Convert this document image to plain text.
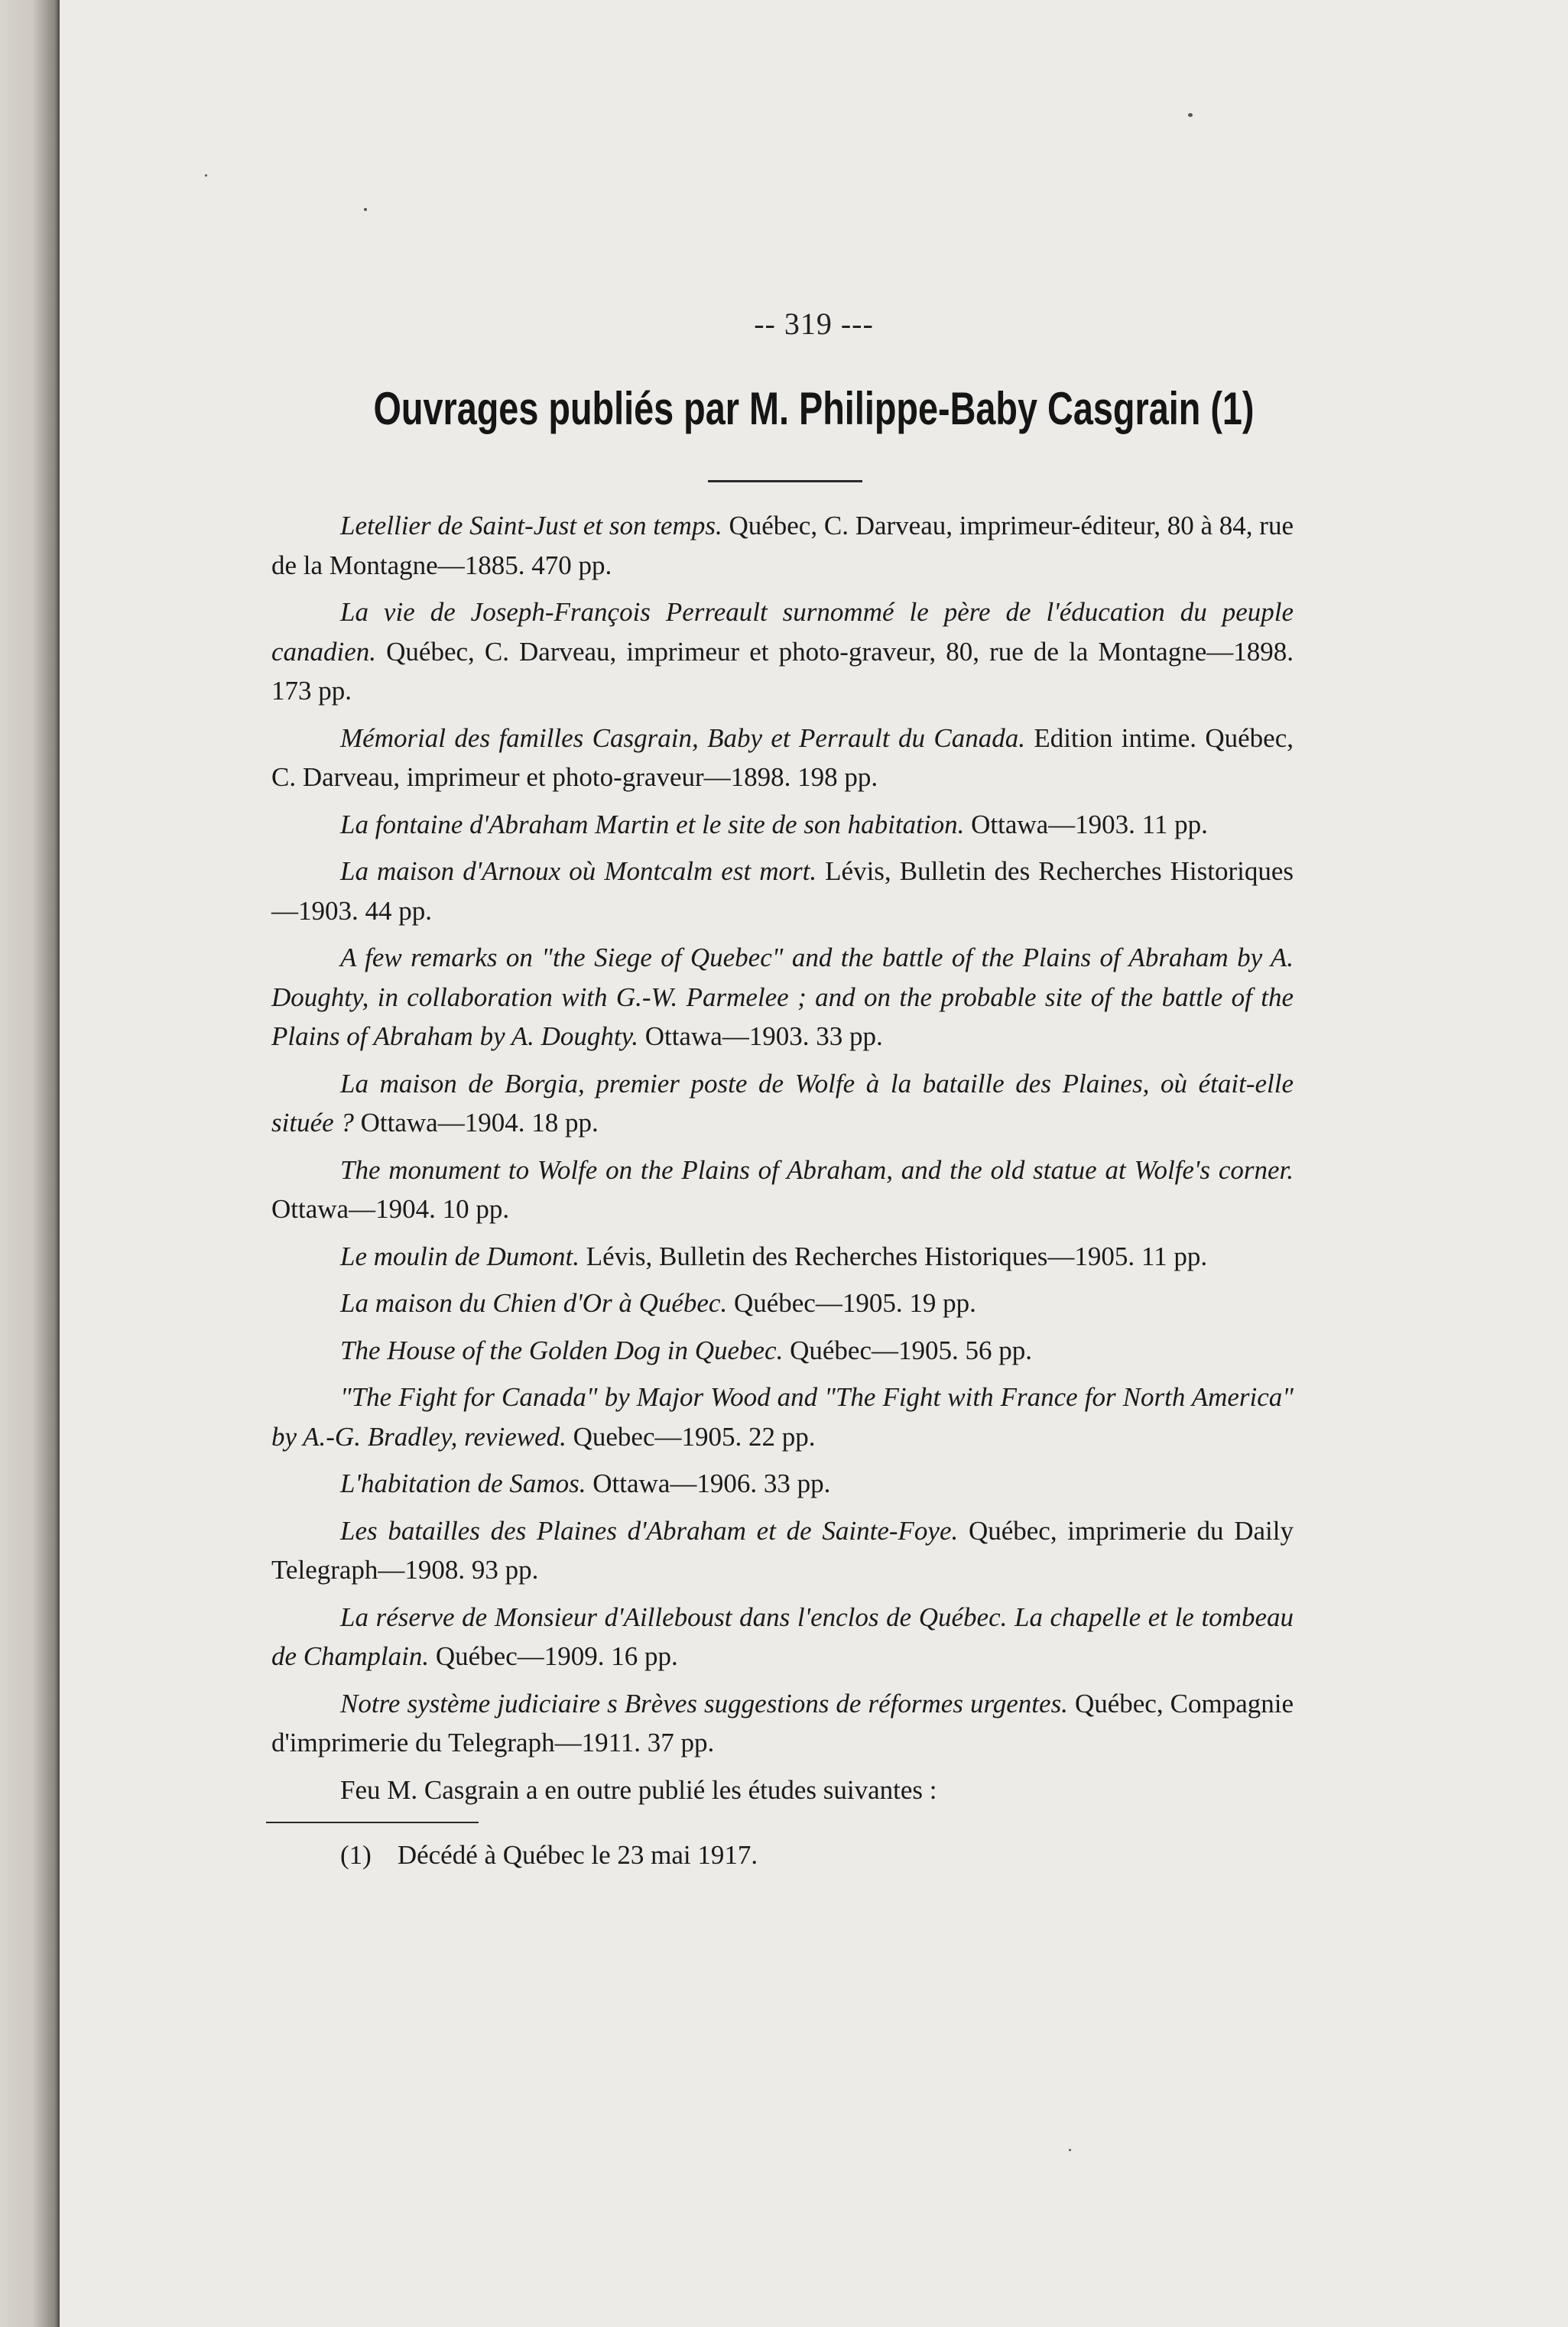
-- 319 ---
Ouvrages publiés par M. Philippe-Baby Casgrain (1)

Letellier de Saint-Just et son temps. Québec, C. Darveau, imprimeur-éditeur, 80 à 84, rue de la Montagne—1885. 470 pp.

La vie de Joseph-François Perreault surnommé le père de l'éducation du peuple canadien. Québec, C. Darveau, imprimeur et photo-graveur, 80, rue de la Montagne—1898. 173 pp.

Mémorial des familles Casgrain, Baby et Perrault du Canada. Edition intime. Québec, C. Darveau, imprimeur et photo-graveur—1898. 198 pp.

La fontaine d'Abraham Martin et le site de son habitation. Ottawa—1903. 11 pp.

La maison d'Arnoux où Montcalm est mort. Lévis, Bulletin des Recherches Historiques—1903. 44 pp.

A few remarks on "the Siege of Quebec" and the battle of the Plains of Abraham by A. Doughty, in collaboration with G.-W. Parmelee ; and on the probable site of the battle of the Plains of Abraham by A. Doughty. Ottawa—1903. 33 pp.

La maison de Borgia, premier poste de Wolfe à la bataille des Plaines, où était-elle située ? Ottawa—1904. 18 pp.

The monument to Wolfe on the Plains of Abraham, and the old statue at Wolfe's corner. Ottawa—1904. 10 pp.

Le moulin de Dumont. Lévis, Bulletin des Recherches Historiques—1905. 11 pp.

La maison du Chien d'Or à Québec. Québec—1905. 19 pp.

The House of the Golden Dog in Quebec. Québec—1905. 56 pp.

"The Fight for Canada" by Major Wood and "The Fight with France for North America" by A.-G. Bradley, reviewed. Quebec—1905. 22 pp.

L'habitation de Samos. Ottawa—1906. 33 pp.

Les batailles des Plaines d'Abraham et de Sainte-Foye. Québec, imprimerie du Daily Telegraph—1908. 93 pp.

La réserve de Monsieur d'Ailleboust dans l'enclos de Québec. La chapelle et le tombeau de Champlain. Québec—1909. 16 pp.

Notre système judiciaire s Brèves suggestions de réformes urgentes. Québec, Compagnie d'imprimerie du Telegraph—1911. 37 pp.

Feu M. Casgrain a en outre publié les études suivantes :

(1) Décédé à Québec le 23 mai 1917.
